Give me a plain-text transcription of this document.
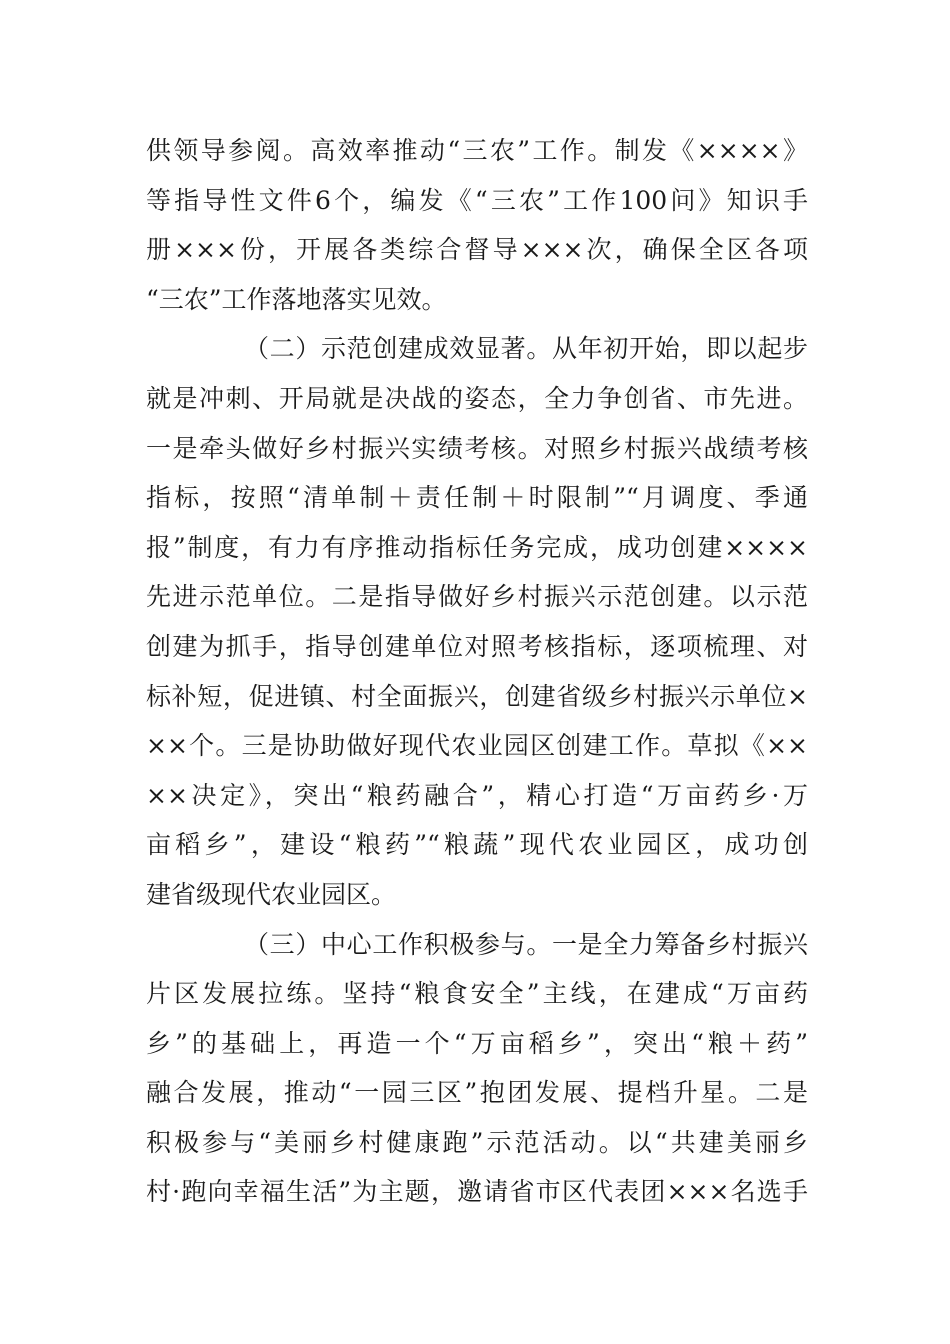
供领导参阅。高效率推动“三农”工作。制发《××××》
等指导性文件6个，编发《“三农”工作100问》知识手
册×××份，开展各类综合督导×××次，确保全区各项
“三农”工作落地落实见效。
（二）示范创建成效显著。从年初开始，即以起步
就是冲刺、开局就是决战的姿态，全力争创省、市先进。
一是牵头做好乡村振兴实绩考核。对照乡村振兴战绩考核
指标，按照“清单制＋责任制＋时限制”“月调度、季通
报”制度，有力有序推动指标任务完成，成功创建××××
先进示范单位。二是指导做好乡村振兴示范创建。以示范
创建为抓手，指导创建单位对照考核指标，逐项梳理、对
标补短，促进镇、村全面振兴，创建省级乡村振兴示单位×
××个。三是协助做好现代农业园区创建工作。草拟《××
××决定》，突出“粮药融合”，精心打造“万亩药乡·万
亩稻乡”，建设“粮药”“粮蔬”现代农业园区，成功创
建省级现代农业园区。
（三）中心工作积极参与。一是全力筹备乡村振兴
片区发展拉练。坚持“粮食安全”主线，在建成“万亩药
乡”的基础上，再造一个“万亩稻乡”，突出“粮＋药”
融合发展，推动“一园三区”抱团发展、提档升星。二是
积极参与“美丽乡村健康跑”示范活动。以“共建美丽乡
村·跑向幸福生活”为主题，邀请省市区代表团×××名选手
